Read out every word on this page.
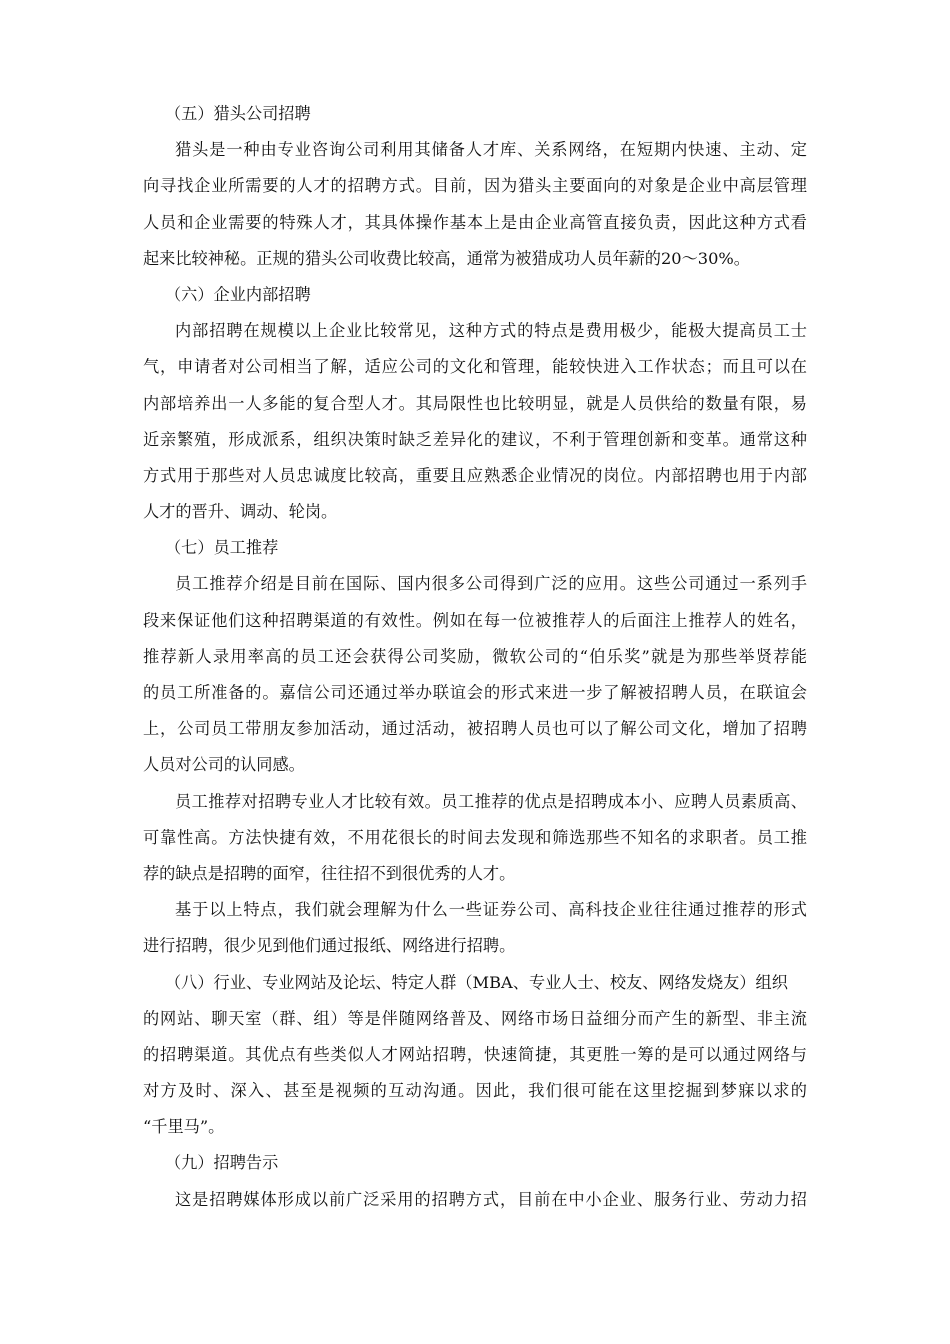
（五）猎头公司招聘
猎头是一种由专业咨询公司利用其储备人才库、关系网络，在短期内快速、主动、定
向寻找企业所需要的人才的招聘方式。目前，因为猎头主要面向的对象是企业中高层管理
人员和企业需要的特殊人才，其具体操作基本上是由企业高管直接负责，因此这种方式看
起来比较神秘。正规的猎头公司收费比较高，通常为被猎成功人员年薪的20～30%。
（六）企业内部招聘
内部招聘在规模以上企业比较常见，这种方式的特点是费用极少，能极大提高员工士
气，申请者对公司相当了解，适应公司的文化和管理，能较快进入工作状态；而且可以在
内部培养出一人多能的复合型人才。其局限性也比较明显，就是人员供给的数量有限，易
近亲繁殖，形成派系，组织决策时缺乏差异化的建议，不利于管理创新和变革。通常这种
方式用于那些对人员忠诚度比较高，重要且应熟悉企业情况的岗位。内部招聘也用于内部
人才的晋升、调动、轮岗。
（七）员工推荐
员工推荐介绍是目前在国际、国内很多公司得到广泛的应用。这些公司通过一系列手
段来保证他们这种招聘渠道的有效性。例如在每一位被推荐人的后面注上推荐人的姓名，
推荐新人录用率高的员工还会获得公司奖励，微软公司的“伯乐奖”就是为那些举贤荐能
的员工所准备的。嘉信公司还通过举办联谊会的形式来进一步了解被招聘人员，在联谊会
上，公司员工带朋友参加活动，通过活动，被招聘人员也可以了解公司文化，增加了招聘
人员对公司的认同感。
员工推荐对招聘专业人才比较有效。员工推荐的优点是招聘成本小、应聘人员素质高、
可靠性高。方法快捷有效，不用花很长的时间去发现和筛选那些不知名的求职者。员工推
荐的缺点是招聘的面窄，往往招不到很优秀的人才。
基于以上特点，我们就会理解为什么一些证券公司、高科技企业往往通过推荐的形式
进行招聘，很少见到他们通过报纸、网络进行招聘。
（八）行业、专业网站及论坛、特定人群（MBA、专业人士、校友、网络发烧友）组织
的网站、聊天室（群、组）等是伴随网络普及、网络市场日益细分而产生的新型、非主流
的招聘渠道。其优点有些类似人才网站招聘，快速简捷，其更胜一筹的是可以通过网络与
对方及时、深入、甚至是视频的互动沟通。因此，我们很可能在这里挖掘到梦寐以求的
“千里马”。
（九）招聘告示
这是招聘媒体形成以前广泛采用的招聘方式，目前在中小企业、服务行业、劳动力招
